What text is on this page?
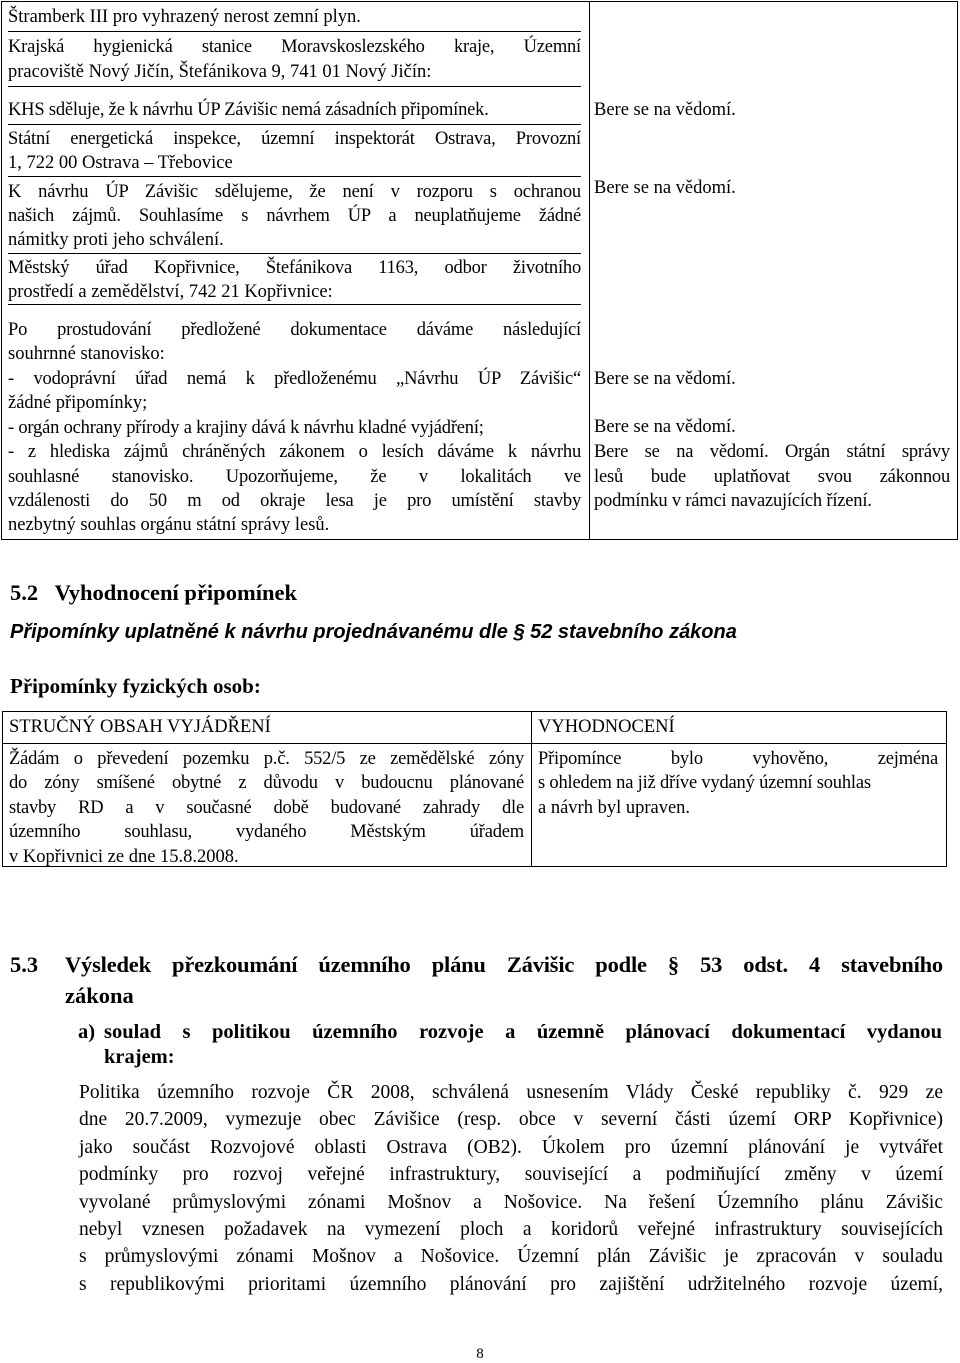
Štramberk III pro vyhrazený nerost zemní plyn.
Krajská hygienická stanice Moravskoslezského kraje, Územní
pracoviště Nový Jičín, Štefánikova 9, 741 01 Nový Jičín:
KHS sděluje, že k návrhu ÚP Závišic nemá zásadních připomínek.
Státní energetická inspekce, územní inspektorát Ostrava, Provozní
1, 722 00 Ostrava – Třebovice
K návrhu ÚP Závišic sdělujeme, že není v rozporu s ochranou
našich zájmů. Souhlasíme s návrhem ÚP a neuplatňujeme žádné
námitky proti jeho schválení.
Městský úřad Kopřivnice, Štefánikova 1163, odbor životního
prostředí a zemědělství, 742 21 Kopřivnice:
Po prostudování předložené dokumentace dáváme následující
souhrnné stanovisko:
- vodoprávní úřad nemá k předloženému „Návrhu ÚP Závišic“
žádné připomínky;
- orgán ochrany přírody a krajiny dává k návrhu kladné vyjádření;
- z hlediska zájmů chráněných zákonem o lesích dáváme k návrhu
souhlasné stanovisko. Upozorňujeme, že v lokalitách ve
vzdálenosti do 50 m od okraje lesa je pro umístění stavby
nezbytný souhlas orgánu státní správy lesů.
Bere se na vědomí.
Bere se na vědomí.
Bere se na vědomí.
Bere se na vědomí.
Bere se na vědomí. Orgán státní správy
lesů bude uplatňovat svou zákonnou
podmínku v rámci navazujících řízení.
5.2 Vyhodnocení připomínek
Připomínky uplatněné k návrhu projednávanému dle § 52 stavebního zákona
Připomínky fyzických osob:
STRUČNÝ OBSAH VYJÁDŘENÍ	VYHODNOCENÍ
Žádám o převedení pozemku p.č. 552/5 ze zemědělské zóny
do zóny smíšené obytné z důvodu v budoucnu plánované
stavby RD a v současné době budované zahrady dle
územního souhlasu, vydaného Městským úřadem
v Kopřivnici ze dne 15.8.2008.
Připomínce bylo vyhověno, zejména
s ohledem na již dříve vydaný územní souhlas
a návrh byl upraven.
5.3 Výsledek přezkoumání územního plánu Závišic podle § 53 odst. 4 stavebního
zákona
a) soulad s politikou územního rozvoje a územně plánovací dokumentací vydanou
krajem:
Politika územního rozvoje ČR 2008, schválená usnesením Vlády České republiky č. 929 ze
dne 20.7.2009, vymezuje obec Závišice (resp. obce v severní části území ORP Kopřivnice)
jako součást Rozvojové oblasti Ostrava (OB2). Úkolem pro územní plánování je vytvářet
podmínky pro rozvoj veřejné infrastruktury, související a podmiňující změny v území
vyvolané průmyslovými zónami Mošnov a Nošovice. Na řešení Územního plánu Závišic
nebyl vznesen požadavek na vymezení ploch a koridorů veřejné infrastruktury souvisejících
s průmyslovými zónami Mošnov a Nošovice. Územní plán Závišic je zpracován v souladu
s republikovými prioritami územního plánování pro zajištění udržitelného rozvoje území,
8
